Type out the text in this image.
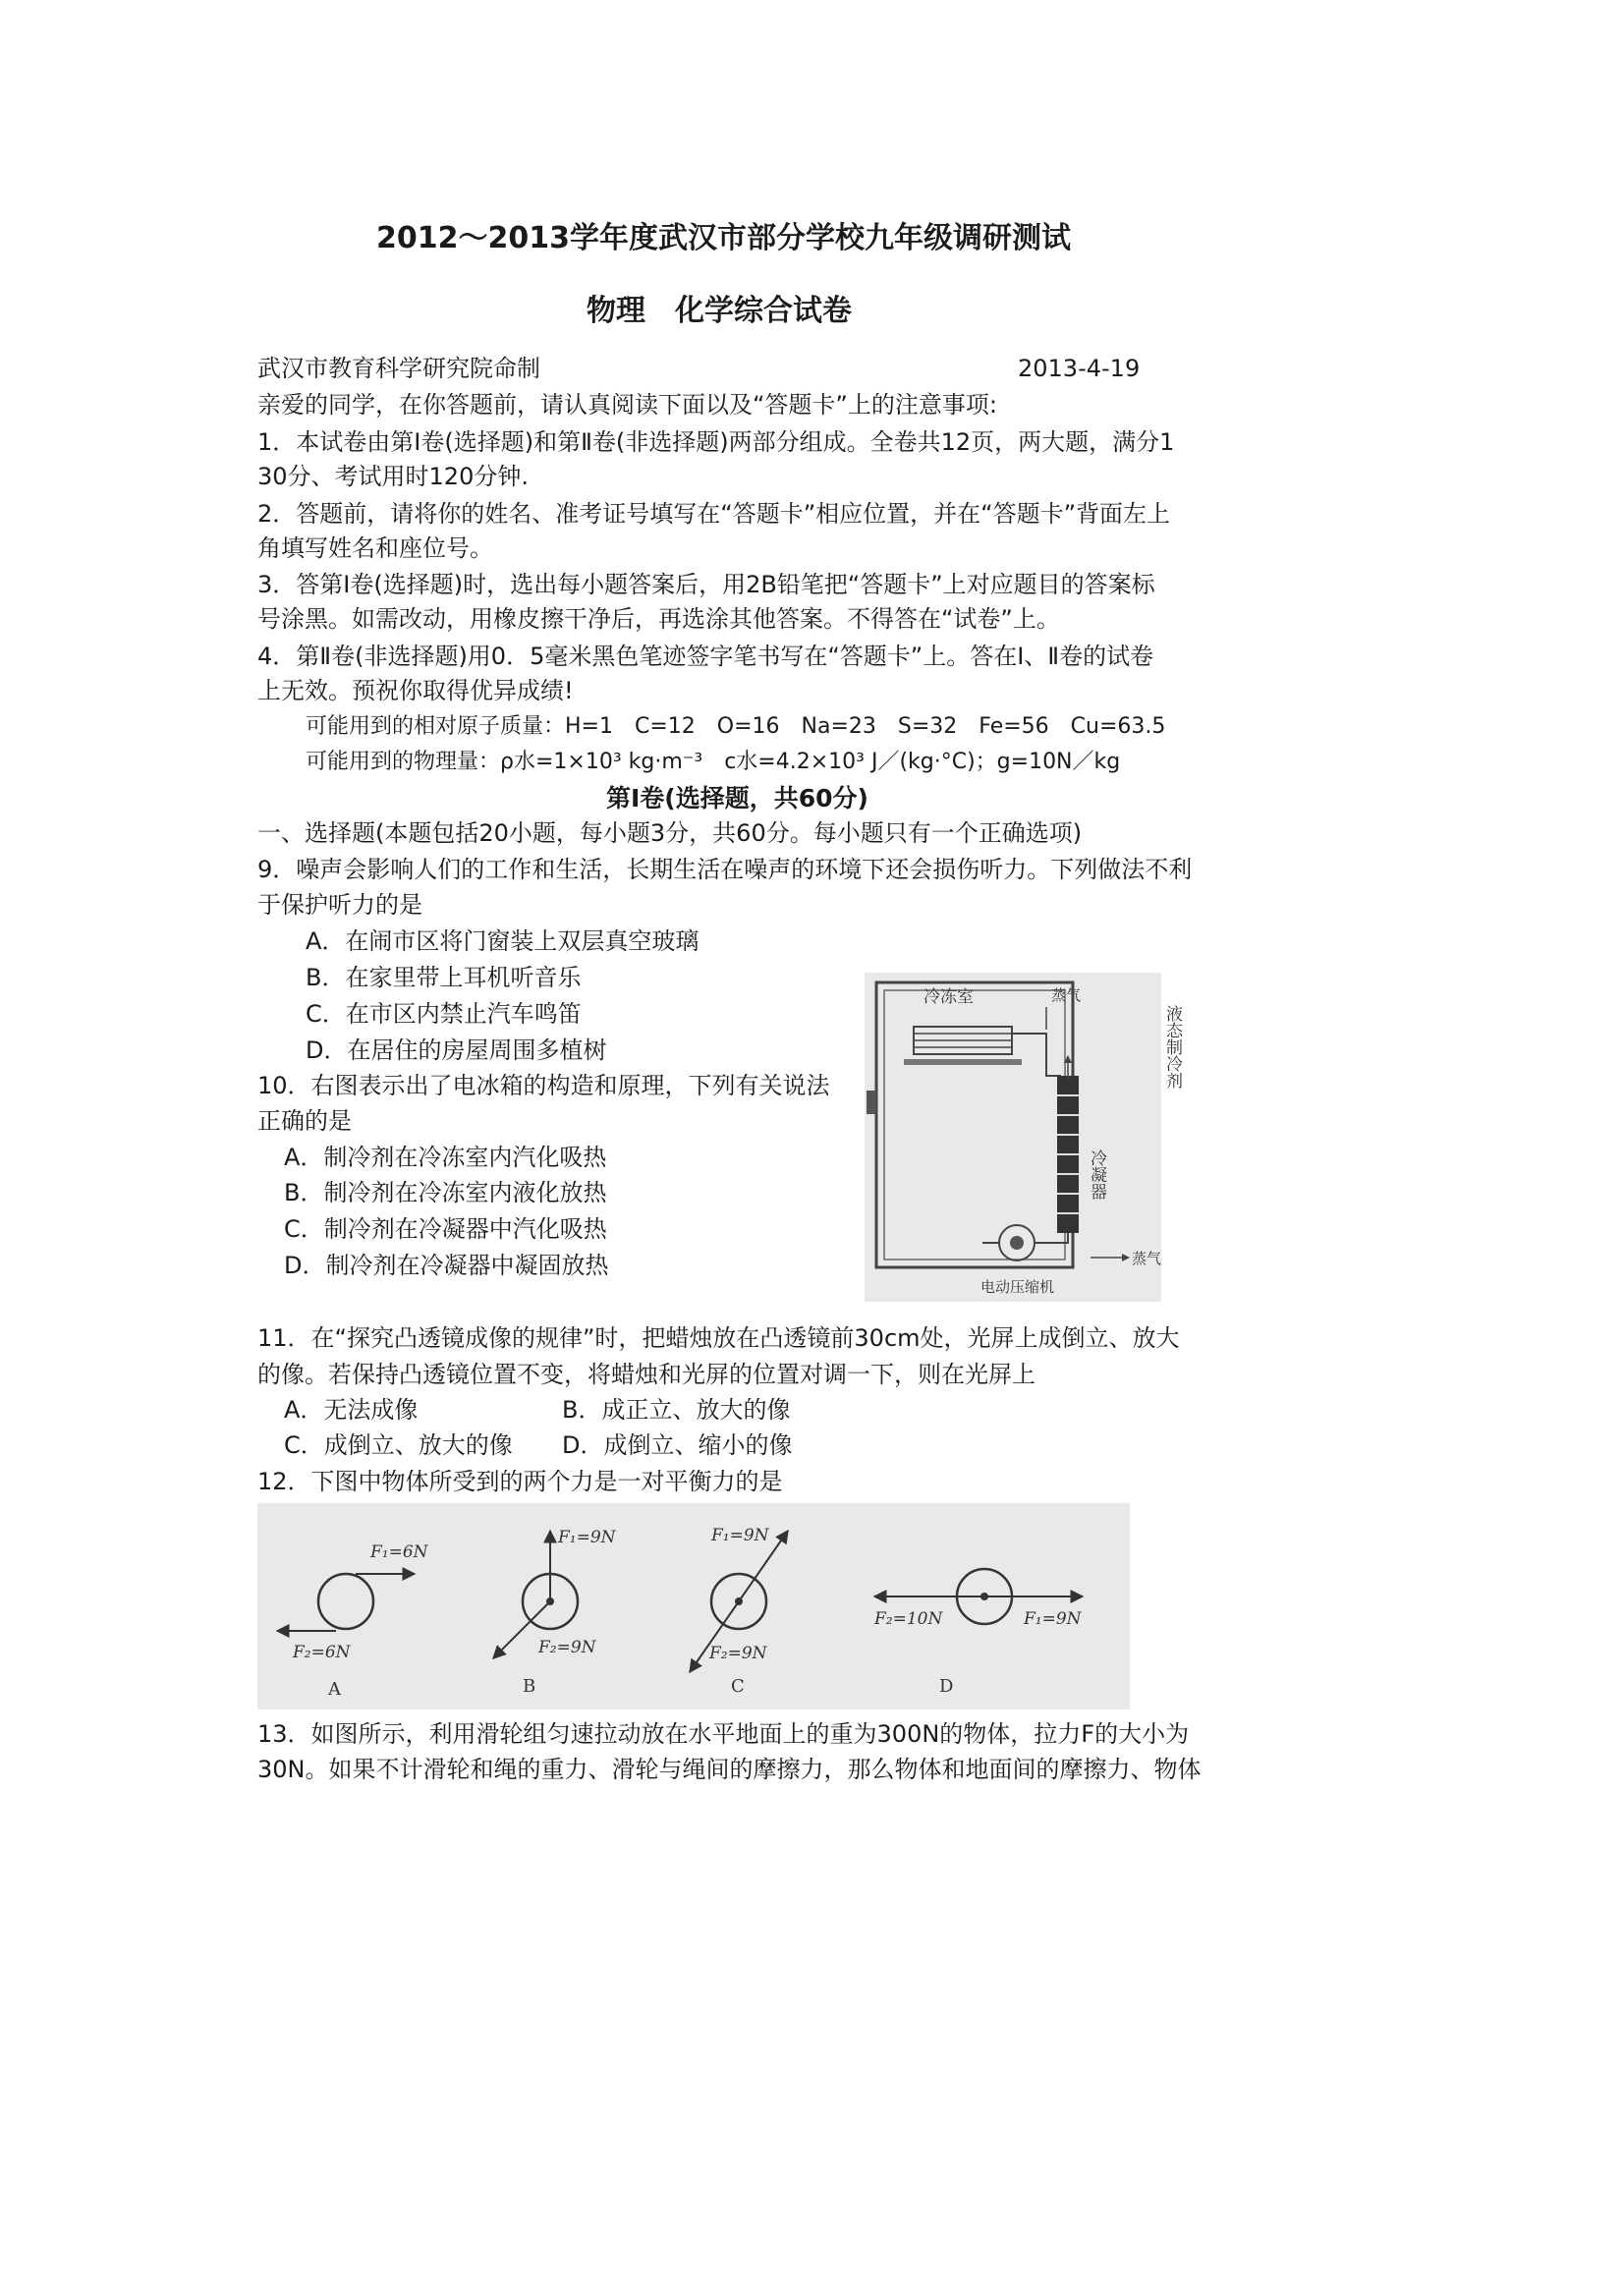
2012～2013学年度武汉市部分学校九年级调研测试
物理　化学综合试卷
武汉市教育科学研究院命制	2013-4-19
亲爱的同学，在你答题前，请认真阅读下面以及“答题卡”上的注意事项:
1．本试卷由第Ⅰ卷(选择题)和第Ⅱ卷(非选择题)两部分组成。全卷共12页，两大题，满分1
30分、考试用时120分钟.
2．答题前，请将你的姓名、准考证号填写在“答题卡”相应位置，并在“答题卡”背面左上
角填写姓名和座位号。
3．答第Ⅰ卷(选择题)时，选出每小题答案后，用2B铅笔把“答题卡”上对应题目的答案标
号涂黑。如需改动，用橡皮擦干净后，再选涂其他答案。不得答在“试卷”上。
4．第Ⅱ卷(非选择题)用0．5毫米黑色笔迹签字笔书写在“答题卡”上。答在Ⅰ、Ⅱ卷的试卷
上无效。预祝你取得优异成绩!
可能用到的相对原子质量：H=1　C=12　O=16　Na=23　S=32　Fe=56　Cu=63.5
可能用到的物理量：ρ水=1×10³ kg·m⁻³　c水=4.2×10³ J／(kg·°C)；g=10N／kg
第Ⅰ卷(选择题，共60分)
一、选择题(本题包括20小题，每小题3分，共60分。每小题只有一个正确选项)
9．噪声会影响人们的工作和生活，长期生活在噪声的环境下还会损伤听力。下列做法不利
于保护听力的是
A．在闹市区将门窗装上双层真空玻璃
B．在家里带上耳机听音乐
C．在市区内禁止汽车鸣笛
D．在居住的房屋周围多植树
10．右图表示出了电冰箱的构造和原理，下列有关说法
正确的是
A．制冷剂在冷冻室内汽化吸热
B．制冷剂在冷冻室内液化放热
C．制冷剂在冷凝器中汽化吸热
D．制冷剂在冷凝器中凝固放热
冷冻室	蒸气
液态制冷剂
冷凝器
蒸气
电动压缩机
11．在“探究凸透镜成像的规律”时，把蜡烛放在凸透镜前30cm处，光屏上成倒立、放大
的像。若保持凸透镜位置不变，将蜡烛和光屏的位置对调一下，则在光屏上
A．无法成像	B．成正立、放大的像
C．成倒立、放大的像 D．成倒立、缩小的像
12．下图中物体所受到的两个力是一对平衡力的是
F₁=6N
F₂=6N
A
F₁=9N
F₂=9N
B
F₁=9N
F₂=9N
C
F₁=9N
F₂=10N
D
13．如图所示，利用滑轮组匀速拉动放在水平地面上的重为300N的物体，拉力F的大小为
30N。如果不计滑轮和绳的重力、滑轮与绳间的摩擦力，那么物体和地面间的摩擦力、物体
